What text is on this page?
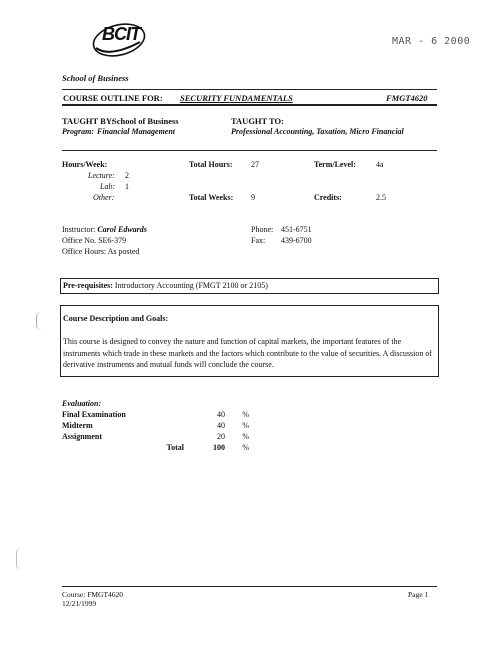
BCIT	MAR - 6 2000
School of Business
COURSE OUTLINE FOR: SECURITY FUNDAMENTALS	FMGT4620
TAUGHT BY:
School of Business
Program: Financial Management
TAUGHT TO:
Professional Accounting, Taxation, Micro Financial
Hours/Week:
Lecture: 2
Lab: 1
Other:
Total Hours: 27
Total Weeks: 9
Term/Level:	4a
Credits:	2.5
Instructor: Carol Edwards
Office No. SE6-379
Office Hours: As posted
Phone: 451-6751
Fax: 439-6700
Pre-requisites: Introductory Accounting (FMGT 2100 or 2105)
Course Description and Goals:
This course is designed to convey the nature and function of capital markets, the important features of the instruments which trade in these markets and the factors which contribute to the value of securities. A discussion of derivative instruments and mutual funds will conclude the course.
Evaluation:
Final Examination	40	%
Midterm	40	%
Assignment	20	%
Total	100	%
Course: FMGT4620
12/21/1999
Page 1
